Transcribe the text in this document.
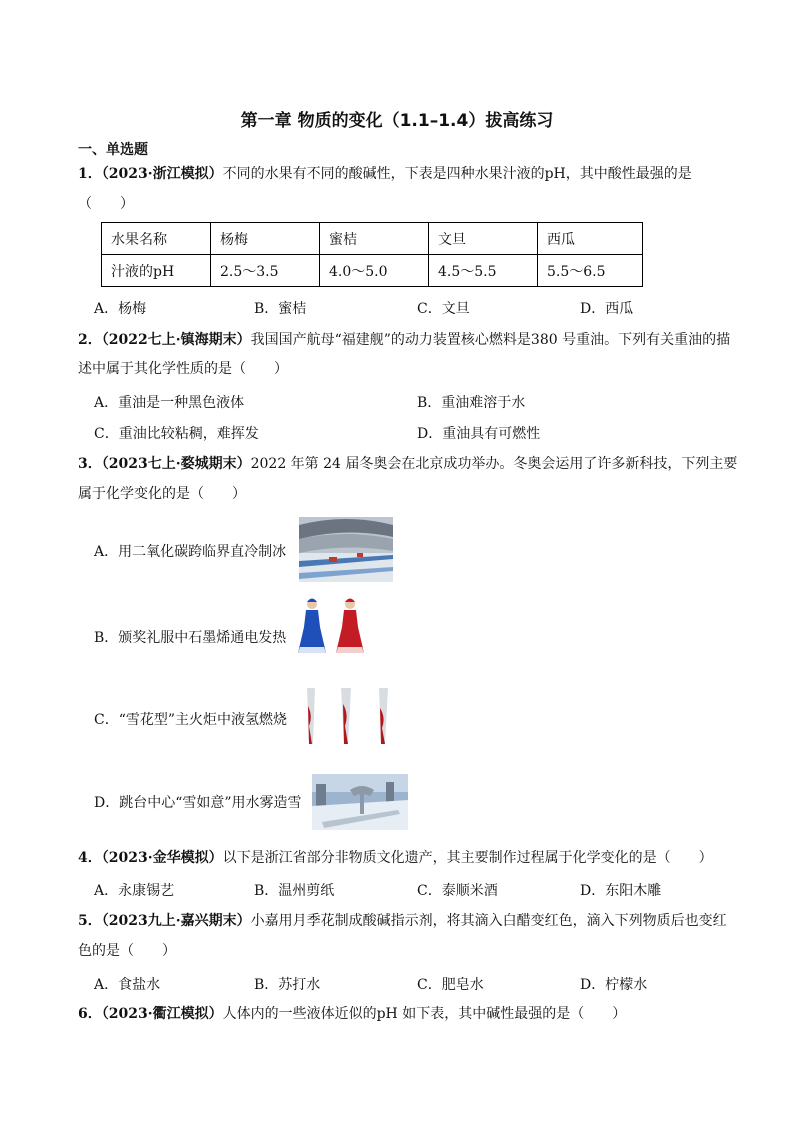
第一章 物质的变化（1.1–1.4）拔高练习
一、单选题
1．（2023·浙江模拟）不同的水果有不同的酸碱性，下表是四种水果汁液的pH，其中酸性最强的是
（　　）
水果名称	杨梅	蜜桔	文旦	西瓜
汁液的pH	2.5～3.5	4.0～5.0	4.5～5.5	5.5～6.5
A．杨梅	B．蜜桔	C．文旦	D．西瓜
2．（2022七上·镇海期末）我国国产航母“福建舰”的动力装置核心燃料是380 号重油。下列有关重油的描
述中属于其化学性质的是（　　）
A．重油是一种黑色液体	B．重油难溶于水
C．重油比较粘稠，难挥发	D．重油具有可燃性
3．（2023七上·婺城期末）2022 年第 24 届冬奥会在北京成功举办。冬奥会运用了许多新科技，下列主要
属于化学变化的是（　　）
A．用二氧化碳跨临界直冷制冰
B．颁奖礼服中石墨烯通电发热
C．“雪花型”主火炬中液氢燃烧
D．跳台中心“雪如意”用水雾造雪
4．（2023·金华模拟）以下是浙江省部分非物质文化遗产，其主要制作过程属于化学变化的是（　　）
A．永康锡艺	B．温州剪纸	C．泰顺米酒	D．东阳木雕
5．（2023九上·嘉兴期末）小嘉用月季花制成酸碱指示剂，将其滴入白醋变红色，滴入下列物质后也变红
色的是（　　）
A．食盐水	B．苏打水	C．肥皂水	D．柠檬水
6．（2023·衢江模拟）人体内的一些液体近似的pH 如下表，其中碱性最强的是（　　）
